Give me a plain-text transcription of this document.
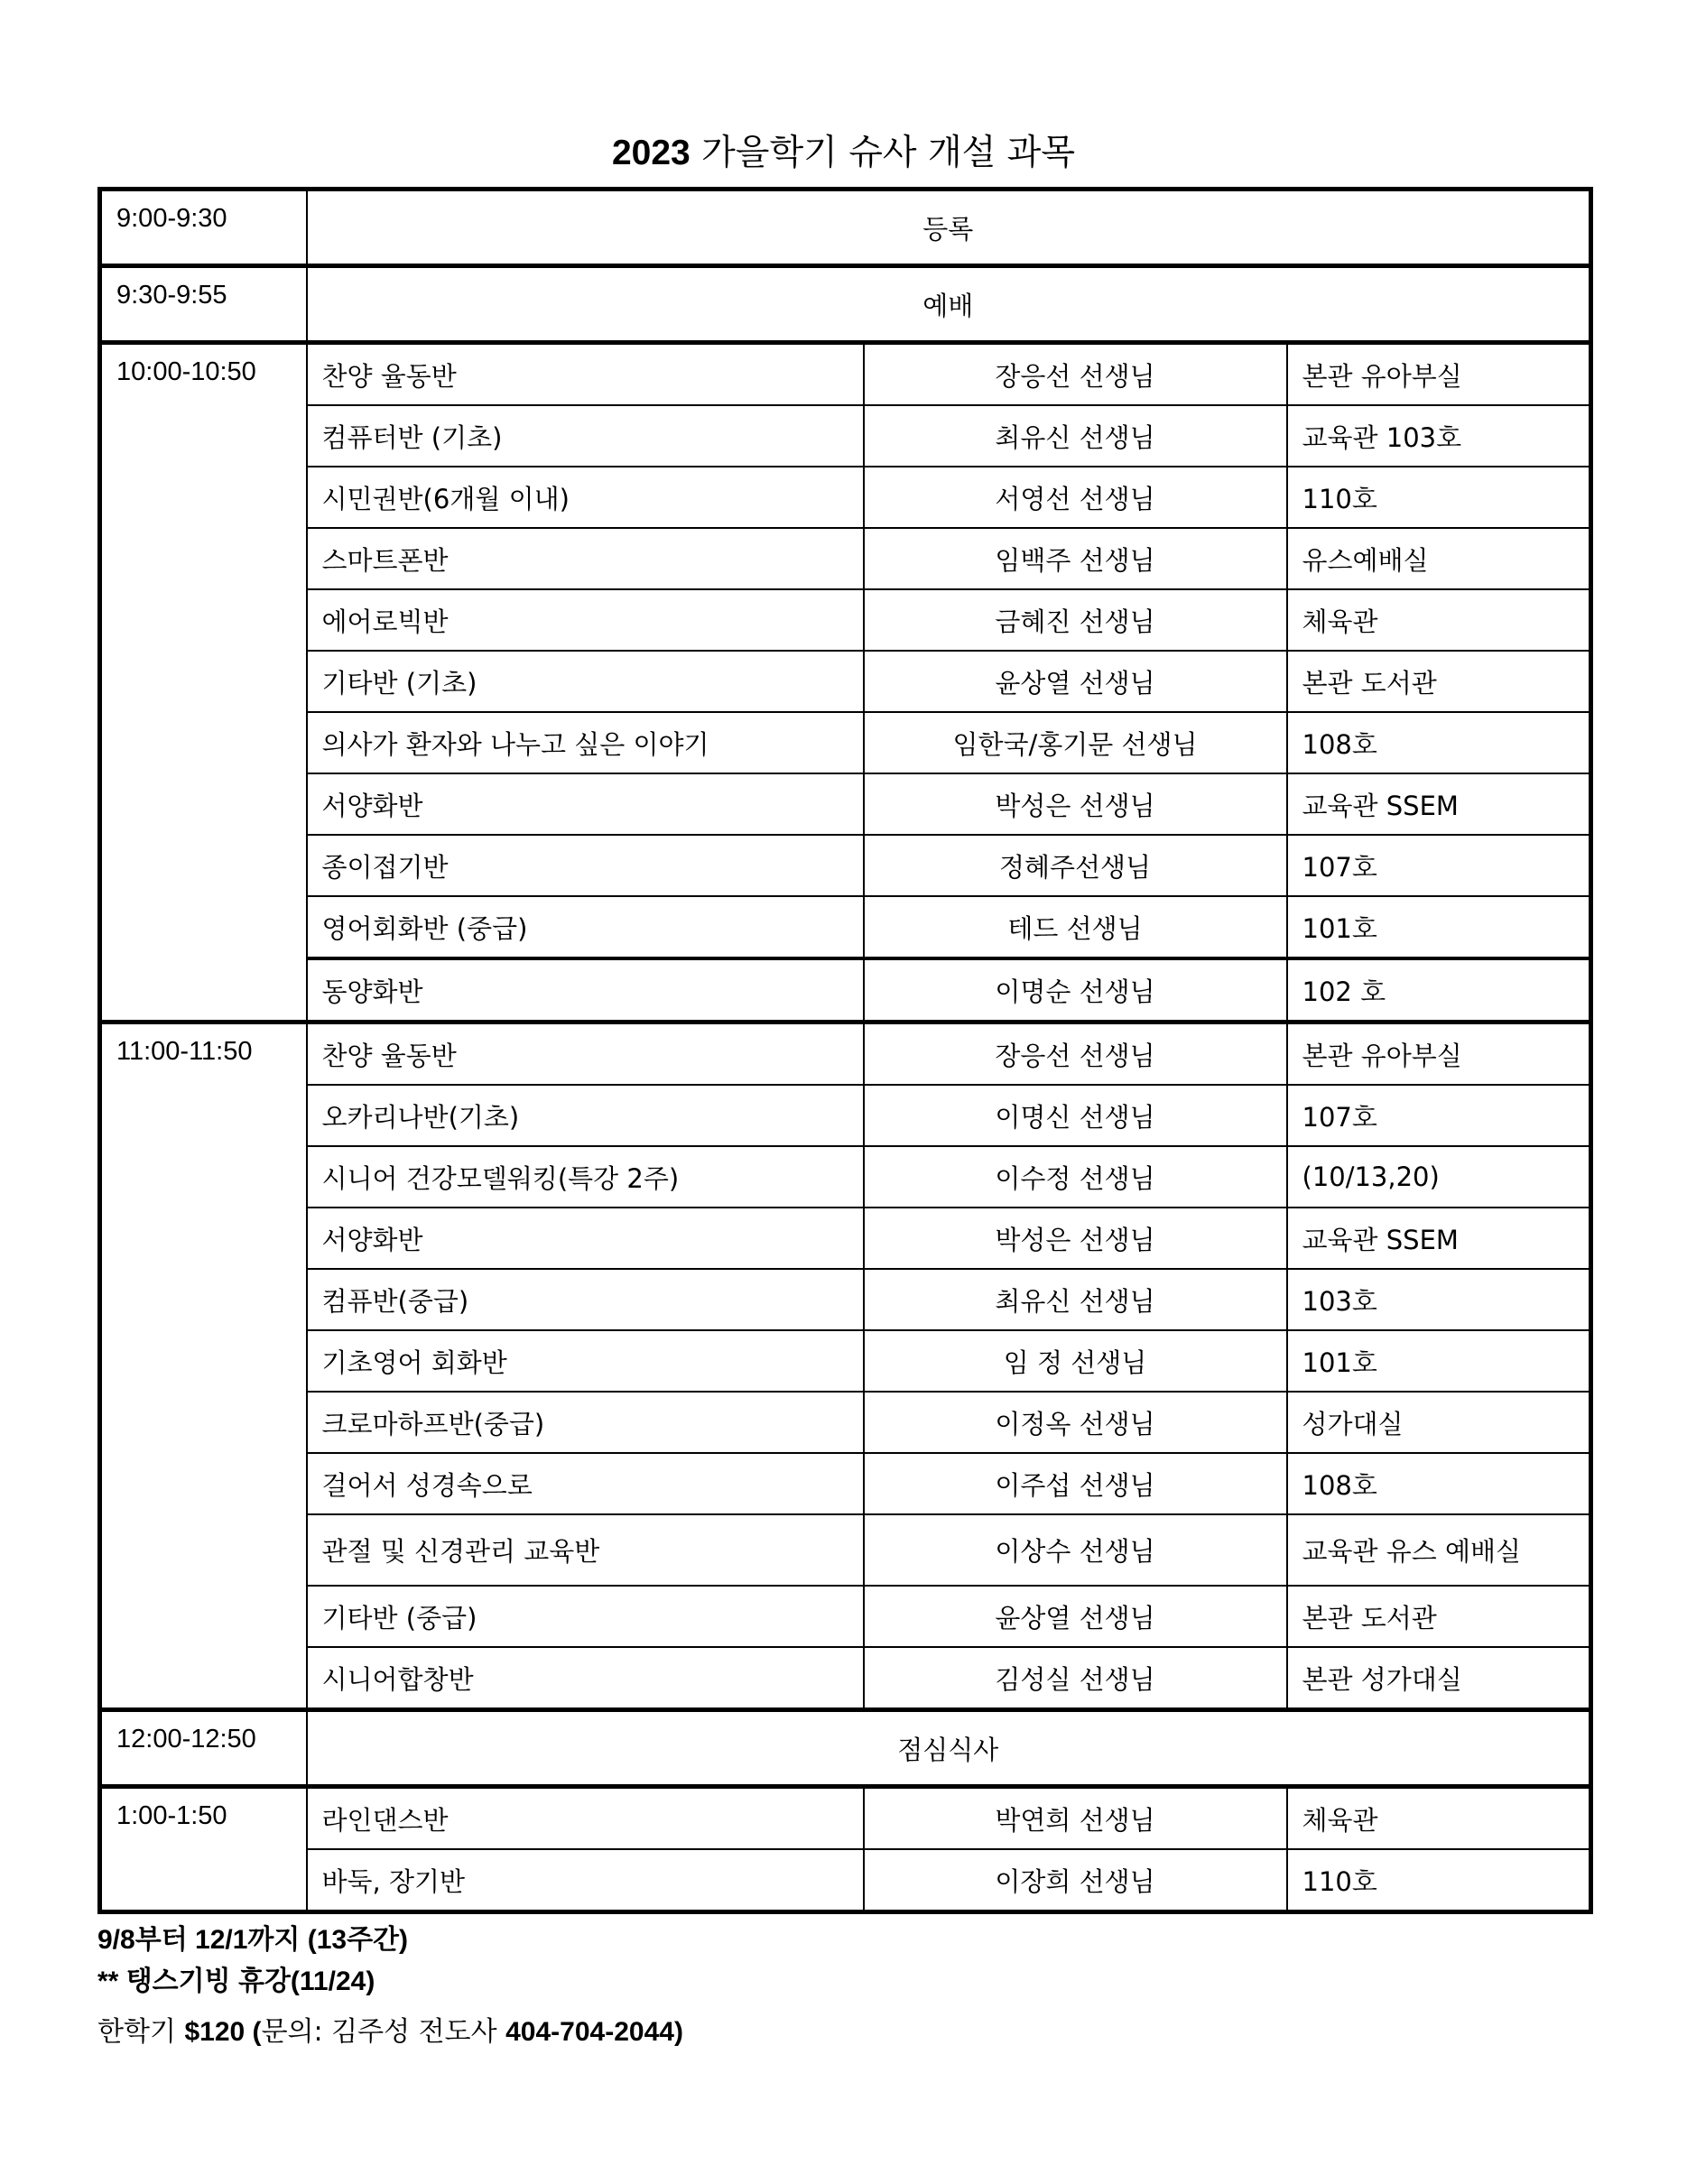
2023 가을학기 슈사 개설 과목
9:00-9:30	등록		
9:30-9:55	예배		
10:00-10:50	찬양 율동반	장응선 선생님	본관 유아부실
	컴퓨터반 (기초)	최유신 선생님	교육관 103호
	시민권반(6개월 이내)	서영선 선생님	110호
	스마트폰반	임백주 선생님	유스예배실
	에어로빅반	금혜진 선생님	체육관
	기타반 (기초)	윤상열 선생님	본관 도서관
	의사가 환자와 나누고 싶은 이야기	임한국/홍기문 선생님	108호
	서양화반	박성은 선생님	교육관 SSEM
	종이접기반	정혜주선생님	107호
	영어회화반 (중급)	테드 선생님	101호
	동양화반	이명순 선생님	102 호
11:00-11:50	찬양 율동반	장응선 선생님	본관 유아부실
	오카리나반(기초)	이명신 선생님	107호
	시니어 건강모델워킹(특강 2주)	이수정 선생님	(10/13,20)
	서양화반	박성은 선생님	교육관 SSEM
	컴퓨반(중급)	최유신 선생님	103호
	기초영어 회화반	임 정 선생님	101호
	크로마하프반(중급)	이정옥 선생님	성가대실
	걸어서 성경속으로	이주섭 선생님	108호
	관절 및 신경관리 교육반	이상수 선생님	교육관 유스 예배실
	기타반 (중급)	윤상열 선생님	본관 도서관
	시니어합창반	김성실 선생님	본관 성가대실
12:00-12:50	점심식사		
1:00-1:50	라인댄스반	박연희 선생님	체육관
	바둑, 장기반	이장희 선생님	110호
9/8부터 12/1까지 (13주간)
** 탱스기빙 휴강(11/24)
한학기 $120 (문의: 김주성 전도사 404-704-2044)
